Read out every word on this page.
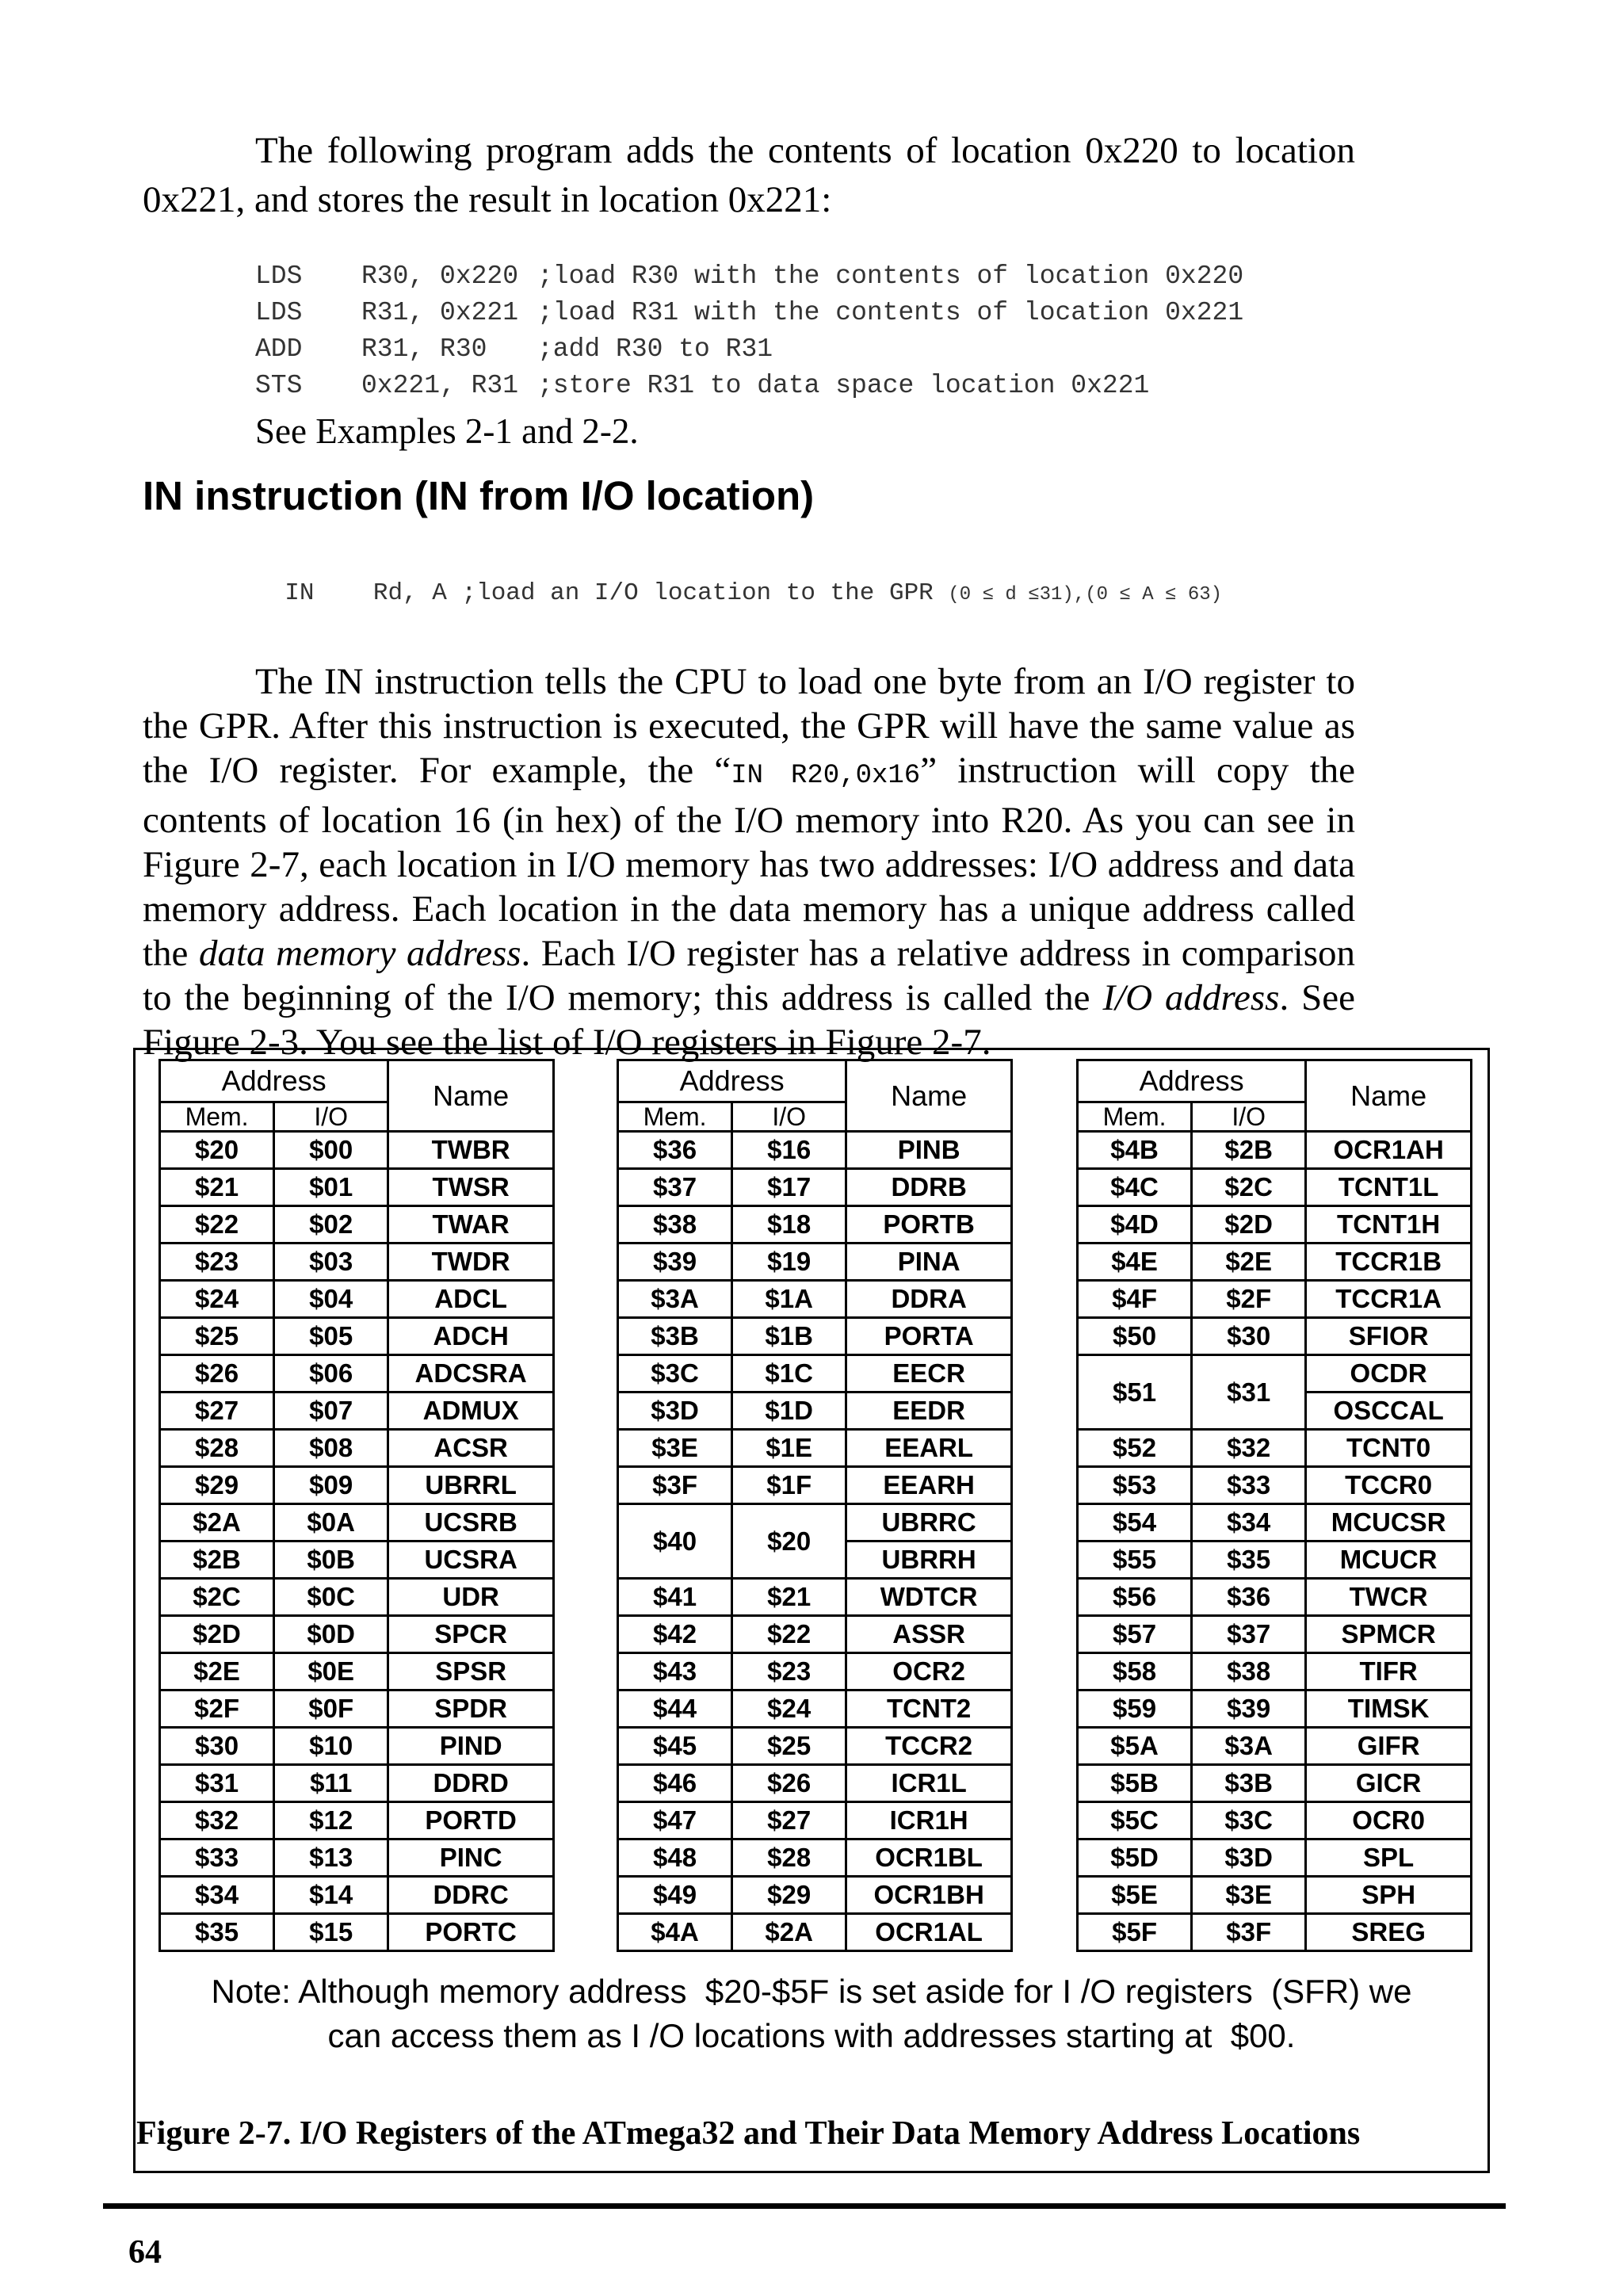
The following program adds the contents of location 0x220 to location 0x221, and stores the result in location 0x221:

LDS R30, 0x220 ;load R30 with the contents of location 0x220

LDS R31, 0x221 ;load R31 with the contents of location 0x221

ADD R31, R30 ;add R30 to R31

STS 0x221, R31 ;store R31 to data space location 0x221

See Examples 2-1 and 2-2.
IN instruction (IN from I/O location)

IN Rd, A ;load an I/O location to the GPR (0 ≤ d ≤31),(0 ≤ A ≤ 63)

The IN instruction tells the CPU to load one byte from an I/O register to the GPR. After this instruction is executed, the GPR will have the same value as the I/O register. For example, the “IN R20,0x16” instruction will copy the contents of location 16 (in hex) of the I/O memory into R20. As you can see in Figure 2-7, each location in I/O memory has two addresses: I/O address and data memory address. Each location in the data memory has a unique address called the data memory address. Each I/O register has a relative address in comparison to the beginning of the I/O memory; this address is called the I/O address. See Figure 2-3. You see the list of I/O registers in Figure 2-7.

Address		Name
Mem.	I/O	
$20	$00	TWBR
$21	$01	TWSR
$22	$02	TWAR
$23	$03	TWDR
$24	$04	ADCL
$25	$05	ADCH
$26	$06	ADCSRA
$27	$07	ADMUX
$28	$08	ACSR
$29	$09	UBRRL
$2A	$0A	UCSRB
$2B	$0B	UCSRA
$2C	$0C	UDR
$2D	$0D	SPCR
$2E	$0E	SPSR
$2F	$0F	SPDR
$30	$10	PIND
$31	$11	DDRD
$32	$12	PORTD
$33	$13	PINC
$34	$14	DDRC
$35	$15	PORTC
Address		Name
Mem.	I/O	
$36	$16	PINB
$37	$17	DDRB
$38	$18	PORTB
$39	$19	PINA
$3A	$1A	DDRA
$3B	$1B	PORTA
$3C	$1C	EECR
$3D	$1D	EEDR
$3E	$1E	EEARL
$3F	$1F	EEARH
$40	$20	UBRRC
		UBRRH
$41	$21	WDTCR
$42	$22	ASSR
$43	$23	OCR2
$44	$24	TCNT2
$45	$25	TCCR2
$46	$26	ICR1L
$47	$27	ICR1H
$48	$28	OCR1BL
$49	$29	OCR1BH
$4A	$2A	OCR1AL
Address		Name
Mem.	I/O	
$4B	$2B	OCR1AH
$4C	$2C	TCNT1L
$4D	$2D	TCNT1H
$4E	$2E	TCCR1B
$4F	$2F	TCCR1A
$50	$30	SFIOR
$51	$31	OCDR
		OSCCAL
$52	$32	TCNT0
$53	$33	TCCR0
$54	$34	MCUCSR
$55	$35	MCUCR
$56	$36	TWCR
$57	$37	SPMCR
$58	$38	TIFR
$59	$39	TIMSK
$5A	$3A	GIFR
$5B	$3B	GICR
$5C	$3C	OCR0
$5D	$3D	SPL
$5E	$3E	SPH
$5F	$3F	SREG
Note: Although memory address  $20-$5F is set aside for I /O registers  (SFR) we
can access them as I /O locations with addresses starting at  $00.
Figure 2-7. I/O Registers of the ATmega32 and Their Data Memory Address Locations
64
